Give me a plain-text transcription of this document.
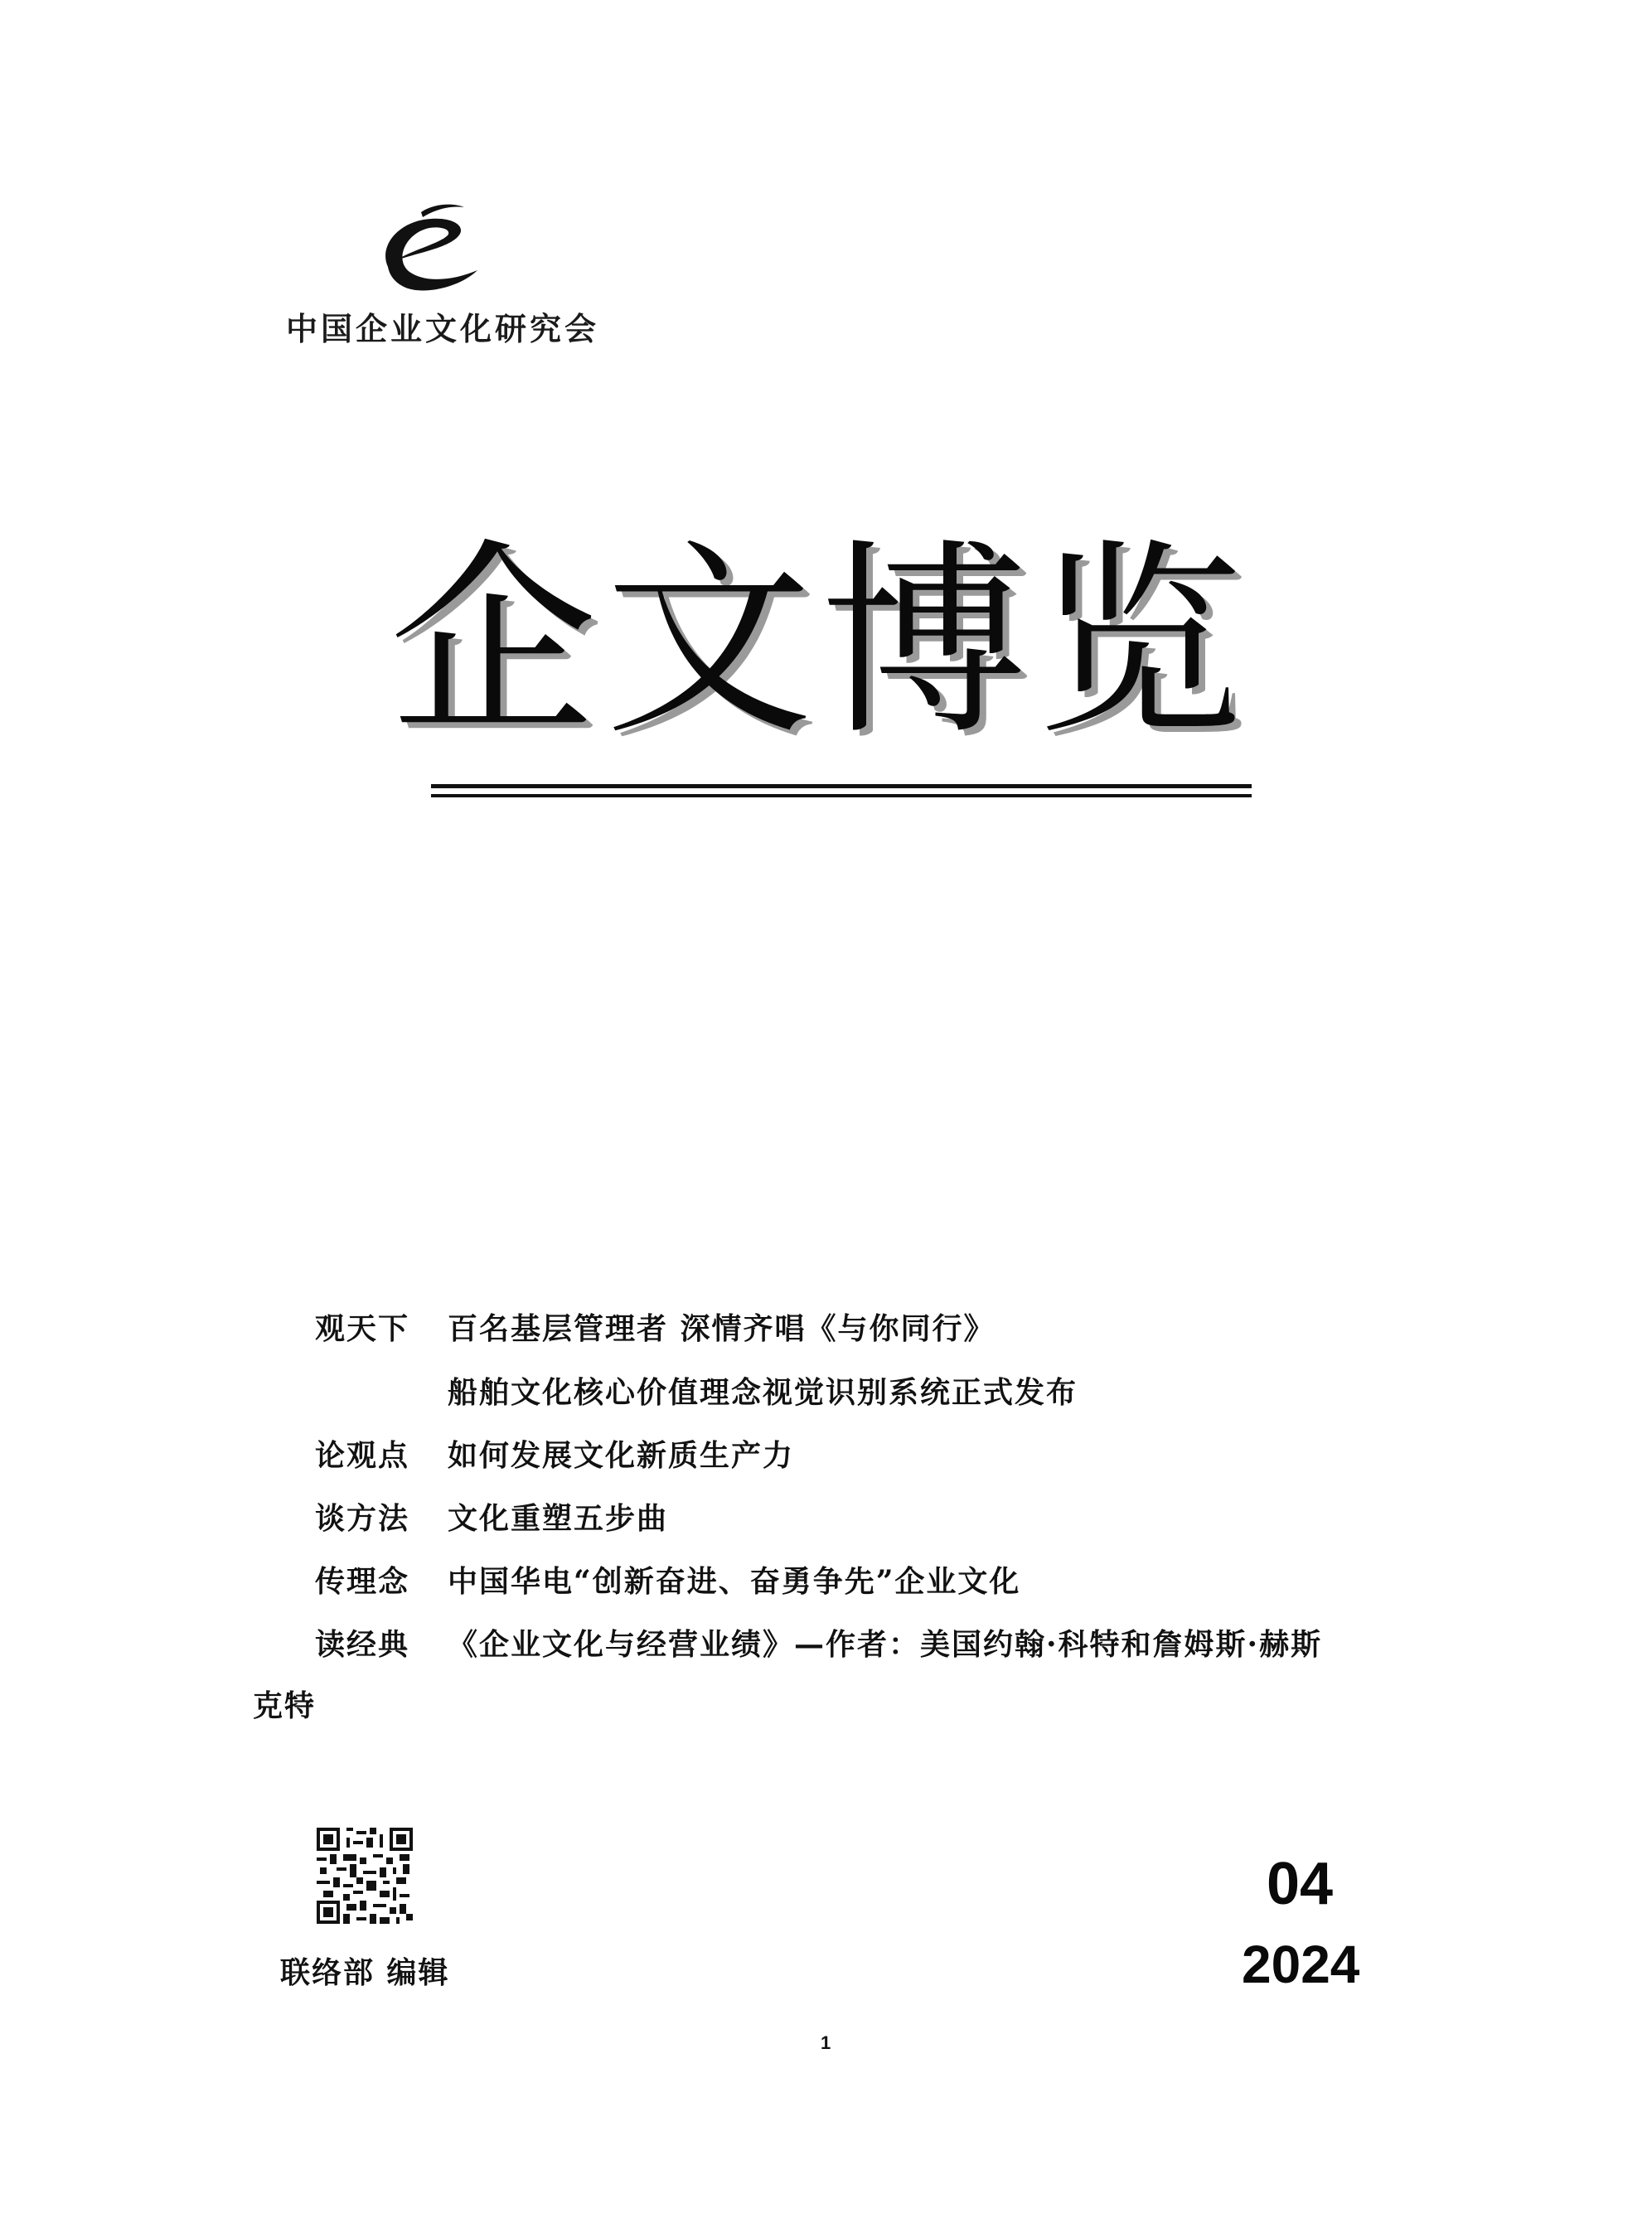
中国企业文化研究会
企文博览
观天下 百名基层管理者 深情齐唱《与你同行》
船舶文化核心价值理念视觉识别系统正式发布
论观点 如何发展文化新质生产力
谈方法 文化重塑五步曲
传理念 中国华电“创新奋进、奋勇争先”企业文化
读经典 《企业文化与经营业绩》—作者：美国约翰·科特和詹姆斯·赫斯
克特
联络部 编辑
04
2024
1
